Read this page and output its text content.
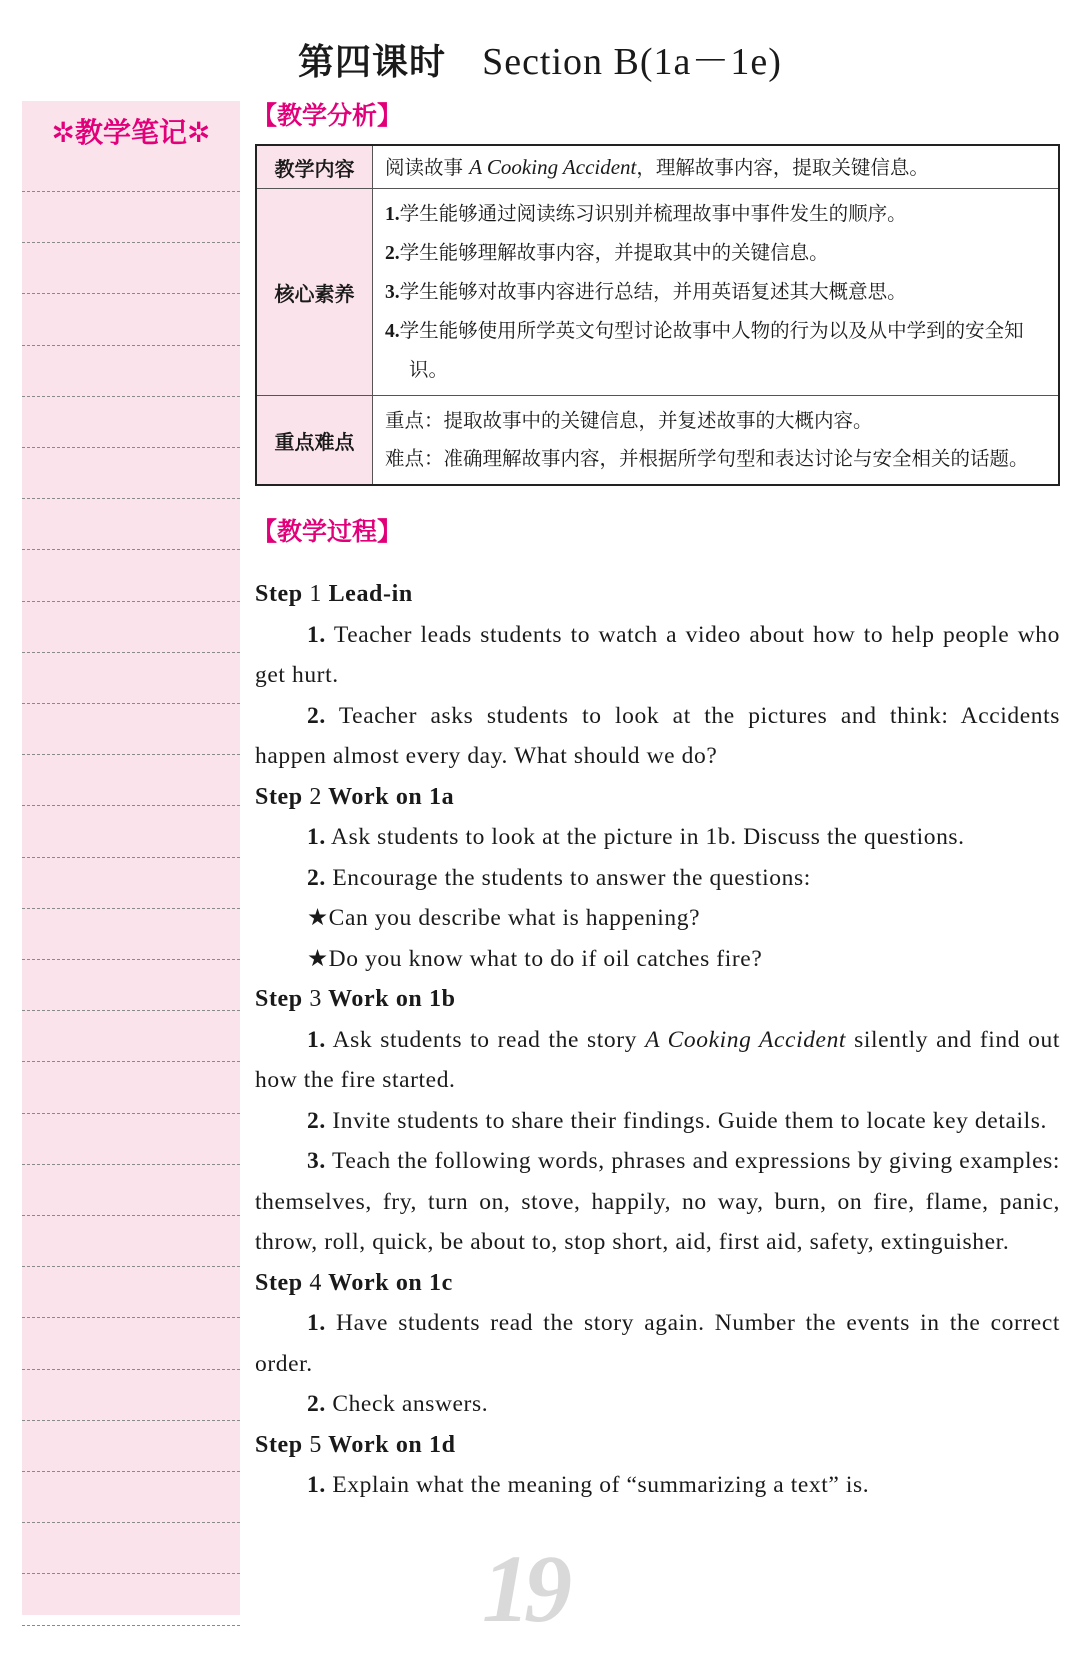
第四课时 Section B(1a－1e)
✲教学笔记✲
【教学分析】
教学内容	阅读故事 A Cooking Accident，理解故事内容，提取关键信息。
核心素养	1.学生能够通过阅读练习识别并梳理故事中事件发生的顺序。
2.学生能够理解故事内容，并提取其中的关键信息。
3.学生能够对故事内容进行总结，并用英语复述其大概意思。
4.学生能够使用所学英文句型讨论故事中人物的行为以及从中学到的安全知识。

重点难点	重点：提取故事中的关键信息，并复述故事的大概内容。
难点：准确理解故事内容，并根据所学句型和表达讨论与安全相关的话题。
【教学过程】

Step 1 Lead-in

1. Teacher leads students to watch a video about how to help people who get hurt.

2. Teacher asks students to look at the pictures and think: Accidents happen almost every day. What should we do?

Step 2 Work on 1a

1. Ask students to look at the picture in 1b. Discuss the questions.

2. Encourage the students to answer the questions:

★Can you describe what is happening?

★Do you know what to do if oil catches fire?

Step 3 Work on 1b

1. Ask students to read the story A Cooking Accident silently and find out how the fire started.

2. Invite students to share their findings. Guide them to locate key details.

3. Teach the following words, phrases and expressions by giving examples: themselves, fry, turn on, stove, happily, no way, burn, on fire, flame, panic, throw, roll, quick, be about to, stop short, aid, first aid, safety, extinguisher.

Step 4 Work on 1c

1. Have students read the story again. Number the events in the correct order.

2. Check answers.

Step 5 Work on 1d

1. Explain what the meaning of “summarizing a text” is.

19
